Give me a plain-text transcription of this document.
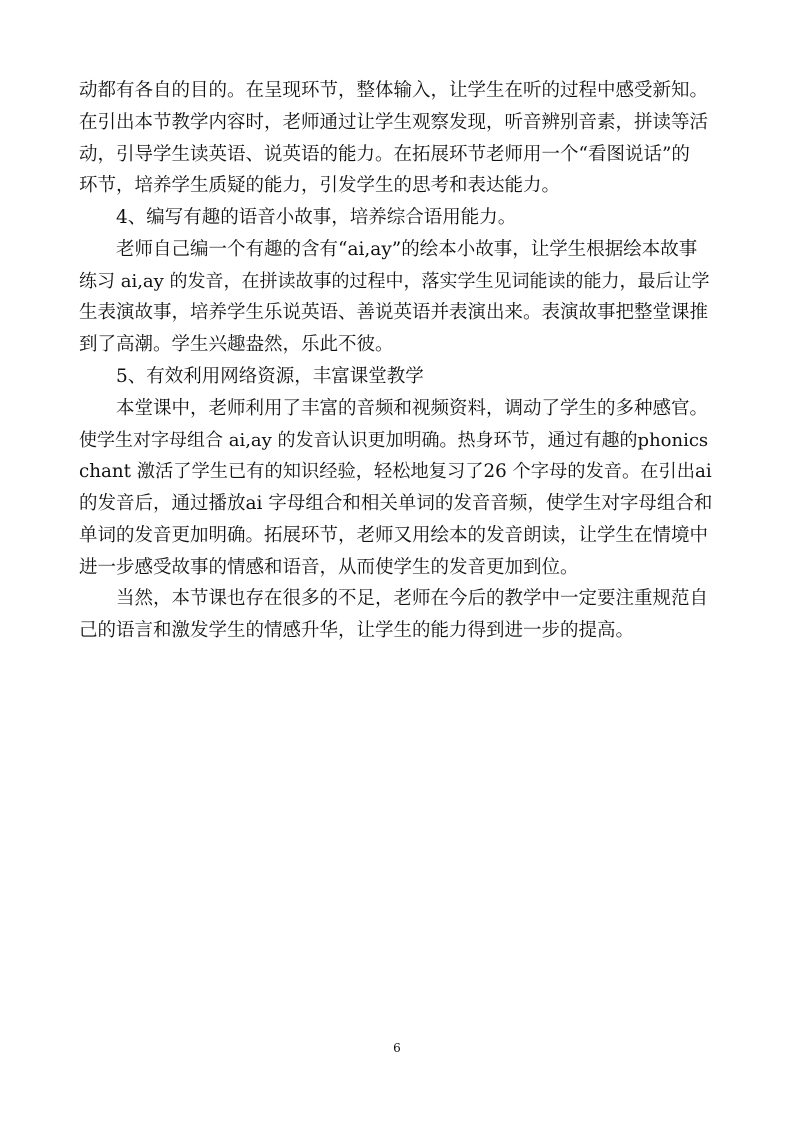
动都有各自的目的。在呈现环节，整体输入，让学生在听的过程中感受新知。
在引出本节教学内容时，老师通过让学生观察发现，听音辨别音素，拼读等活
动，引导学生读英语、说英语的能力。在拓展环节老师用一个“看图说话”的
环节，培养学生质疑的能力，引发学生的思考和表达能力。
4、编写有趣的语音小故事，培养综合语用能力。
老师自己编一个有趣的含有“ai,ay”的绘本小故事，让学生根据绘本故事
练习 ai,ay 的发音，在拼读故事的过程中，落实学生见词能读的能力，最后让学
生表演故事，培养学生乐说英语、善说英语并表演出来。表演故事把整堂课推
到了高潮。学生兴趣盎然，乐此不彼。
5、有效利用网络资源，丰富课堂教学
本堂课中，老师利用了丰富的音频和视频资料，调动了学生的多种感官。
使学生对字母组合 ai,ay 的发音认识更加明确。热身环节，通过有趣的phonics
chant 激活了学生已有的知识经验，轻松地复习了26 个字母的发音。在引出ai
的发音后，通过播放ai 字母组合和相关单词的发音音频，使学生对字母组合和
单词的发音更加明确。拓展环节，老师又用绘本的发音朗读，让学生在情境中
进一步感受故事的情感和语音，从而使学生的发音更加到位。
当然，本节课也存在很多的不足，老师在今后的教学中一定要注重规范自
己的语言和激发学生的情感升华，让学生的能力得到进一步的提高。
6
